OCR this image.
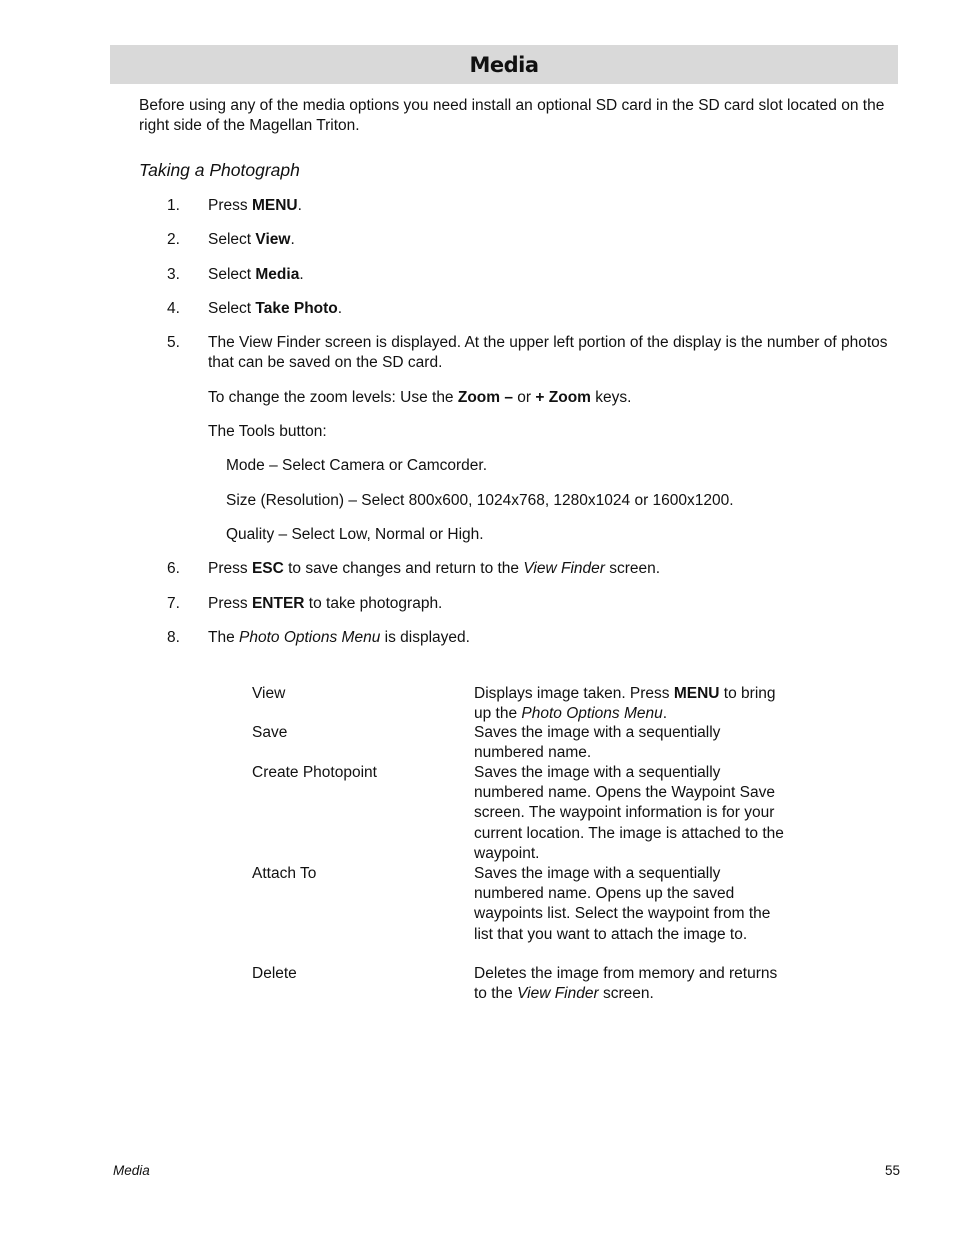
Media
Before using any of the media options you need install an optional SD card in the SD card slot located on the right side of the Magellan Triton.
Taking a Photograph
1.	Press MENU.
2.	Select View.
3.	Select Media.
4.	Select Take Photo.
5.	The View Finder screen is displayed. At the upper left portion of the display is the number of photos that can be saved on the SD card.
To change the zoom levels: Use the Zoom – or + Zoom keys.
The Tools button:
Mode – Select Camera or Camcorder.
Size (Resolution) – Select 800x600, 1024x768, 1280x1024 or 1600x1200.
Quality – Select Low, Normal or High.
6.	Press ESC to save changes and return to the View Finder screen.
7.	Press ENTER to take photograph.
8.	The Photo Options Menu is displayed.
View	Displays image taken. Press MENU to bring up the Photo Options Menu.
Save	Saves the image with a sequentially numbered name.
Create Photopoint	Saves the image with a sequentially numbered name. Opens the Waypoint Save screen. The waypoint information is for your current location. The image is attached to the waypoint.
Attach To	Saves the image with a sequentially numbered name. Opens up the saved waypoints list. Select the waypoint from the list that you want to attach the image to.
Delete	Deletes the image from memory and returns to the View Finder screen.
Media	55
